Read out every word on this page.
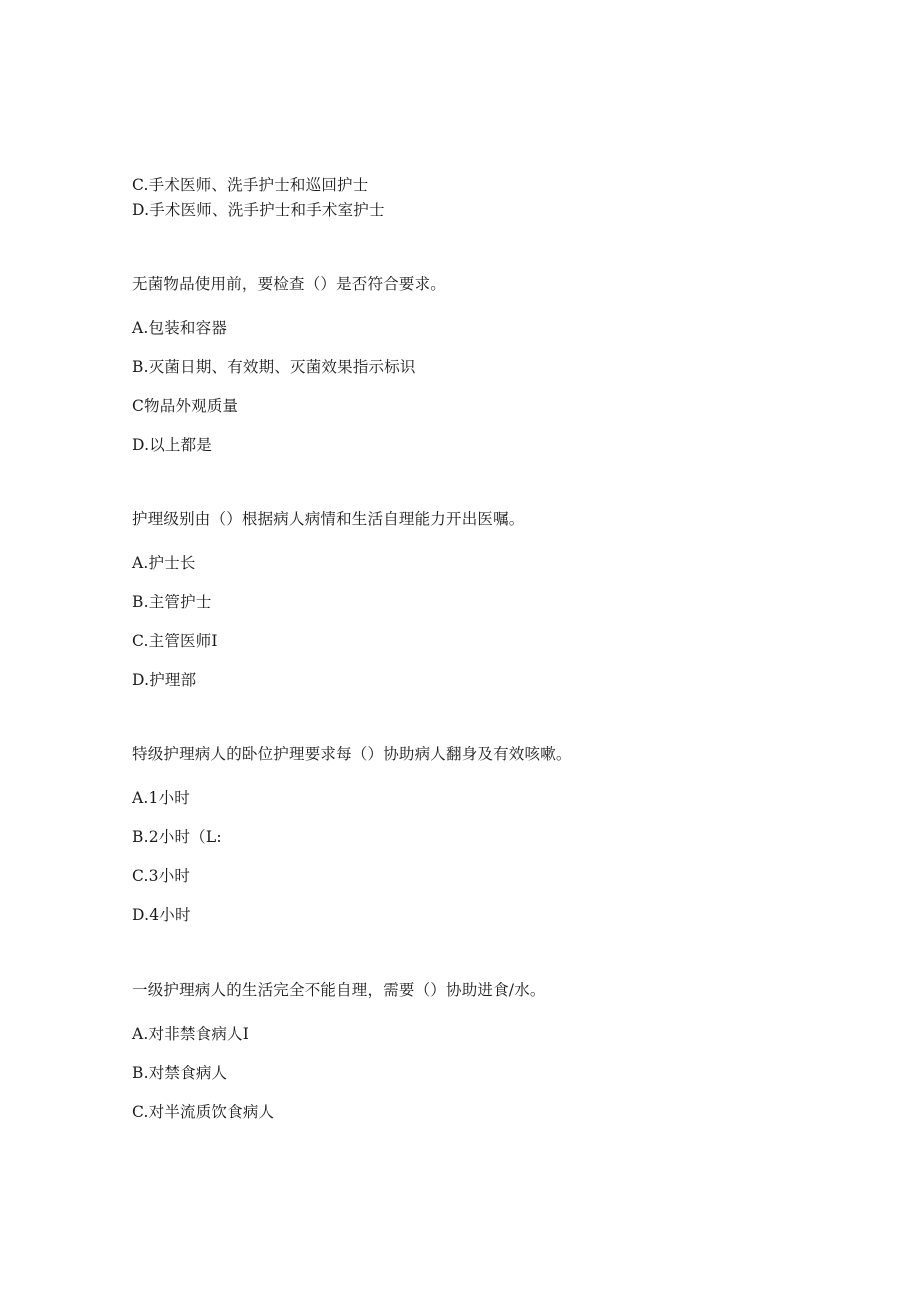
C.手术医师、洗手护士和巡回护士
D.手术医师、洗手护士和手术室护士
无菌物品使用前，要检查（）是否符合要求。
A.包装和容器
B.灭菌日期、有效期、灭菌效果指示标识
C物品外观质量
D.以上都是
护理级别由（）根据病人病情和生活自理能力开出医嘱。
A.护士长
B.主管护士
C.主管医师I
D.护理部
特级护理病人的卧位护理要求每（）协助病人翻身及有效咳嗽。
A.1小时
B.2小时（L:
C.3小时
D.4小时
一级护理病人的生活完全不能自理，需要（）协助进食/水。
A.对非禁食病人I
B.对禁食病人
C.对半流质饮食病人
